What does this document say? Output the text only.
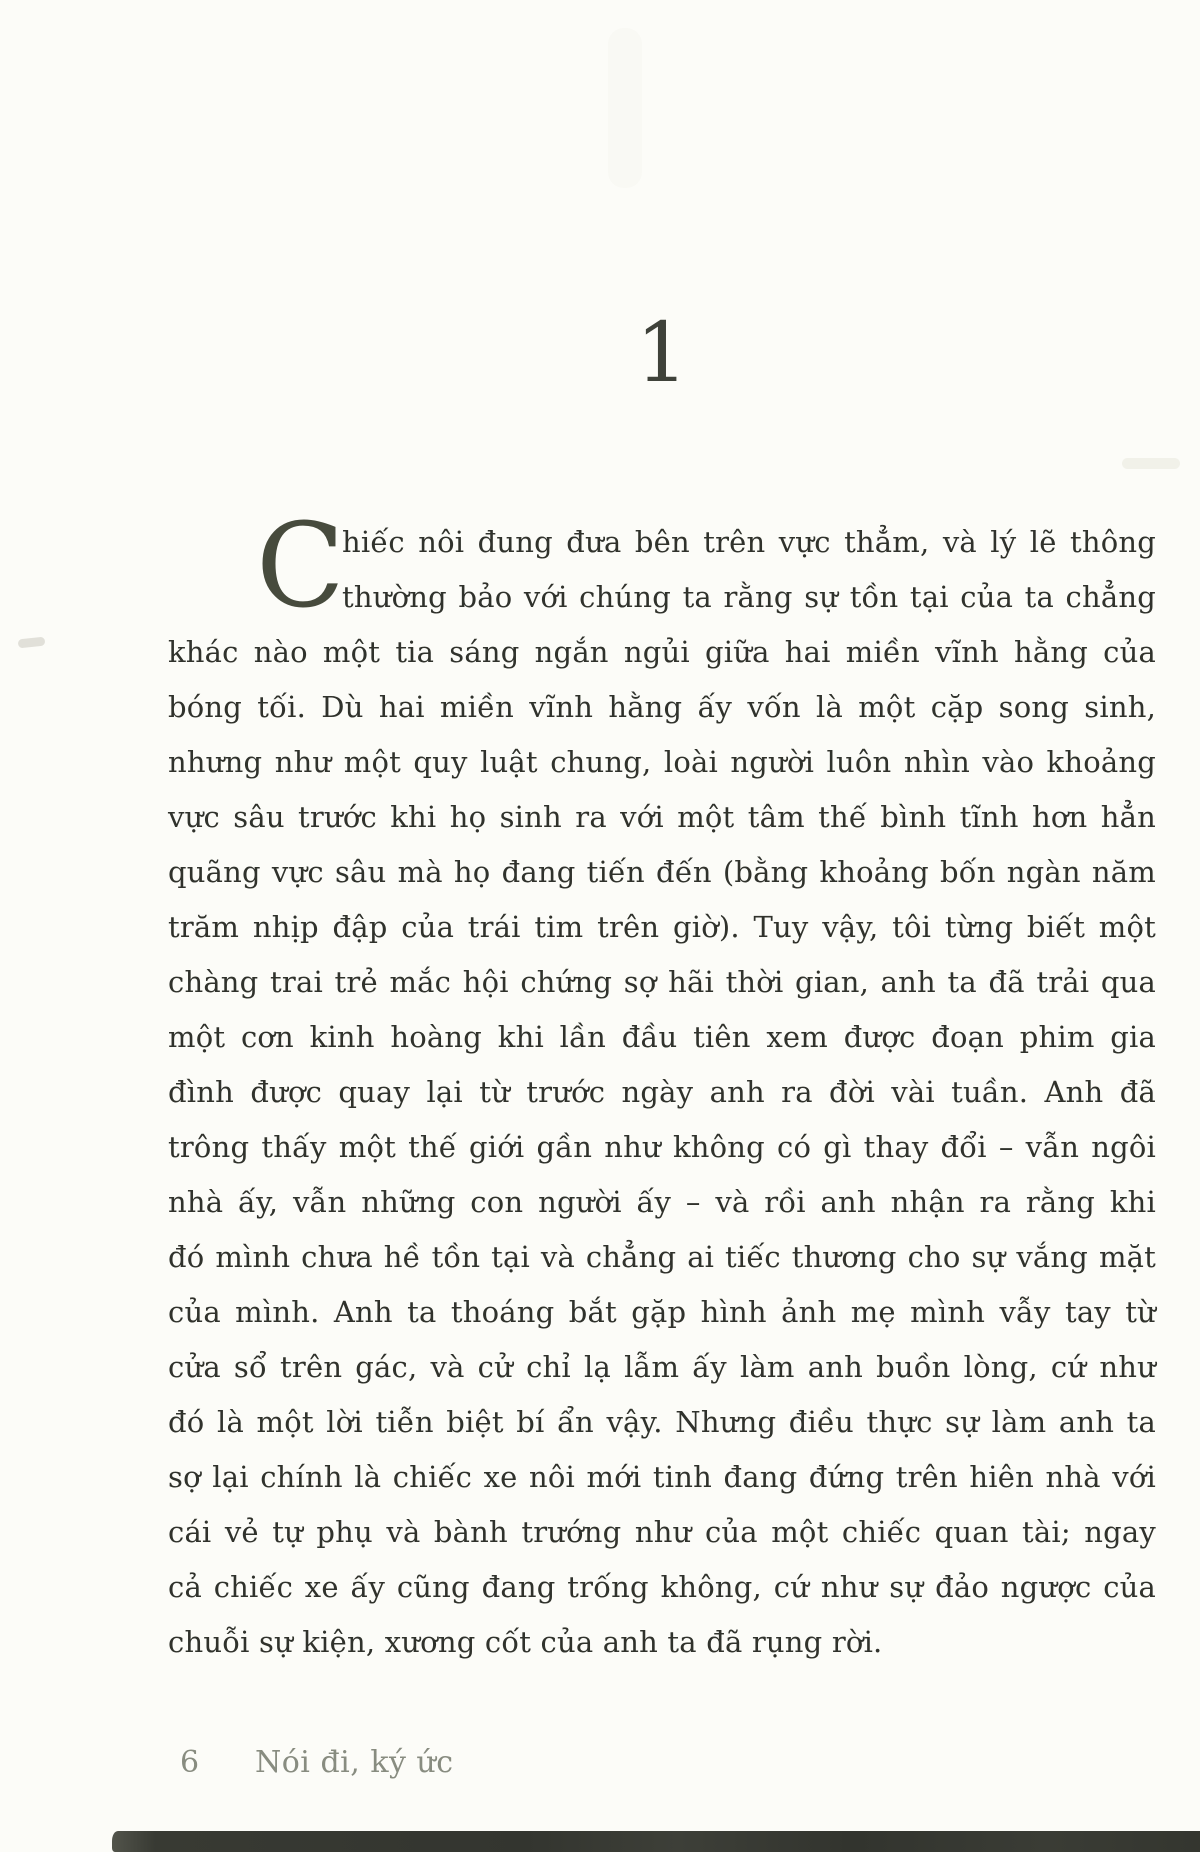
1
C
hiếc nôi đung đưa bên trên vực thẳm, và lý lẽ thông
thường bảo với chúng ta rằng sự tồn tại của ta chẳng
khác nào một tia sáng ngắn ngủi giữa hai miền vĩnh hằng của
bóng tối. Dù hai miền vĩnh hằng ấy vốn là một cặp song sinh,
nhưng như một quy luật chung, loài người luôn nhìn vào khoảng
vực sâu trước khi họ sinh ra với một tâm thế bình tĩnh hơn hẳn
quãng vực sâu mà họ đang tiến đến (bằng khoảng bốn ngàn năm
trăm nhịp đập của trái tim trên giờ). Tuy vậy, tôi từng biết một
chàng trai trẻ mắc hội chứng sợ hãi thời gian, anh ta đã trải qua
một cơn kinh hoàng khi lần đầu tiên xem được đoạn phim gia
đình được quay lại từ trước ngày anh ra đời vài tuần. Anh đã
trông thấy một thế giới gần như không có gì thay đổi – vẫn ngôi
nhà ấy, vẫn những con người ấy – và rồi anh nhận ra rằng khi
đó mình chưa hề tồn tại và chẳng ai tiếc thương cho sự vắng mặt
của mình. Anh ta thoáng bắt gặp hình ảnh mẹ mình vẫy tay từ
cửa sổ trên gác, và cử chỉ lạ lẫm ấy làm anh buồn lòng, cứ như
đó là một lời tiễn biệt bí ẩn vậy. Nhưng điều thực sự làm anh ta
sợ lại chính là chiếc xe nôi mới tinh đang đứng trên hiên nhà với
cái vẻ tự phụ và bành trướng như của một chiếc quan tài; ngay
cả chiếc xe ấy cũng đang trống không, cứ như sự đảo ngược của
chuỗi sự kiện, xương cốt của anh ta đã rụng rời.
6 Nói đi, ký ức
